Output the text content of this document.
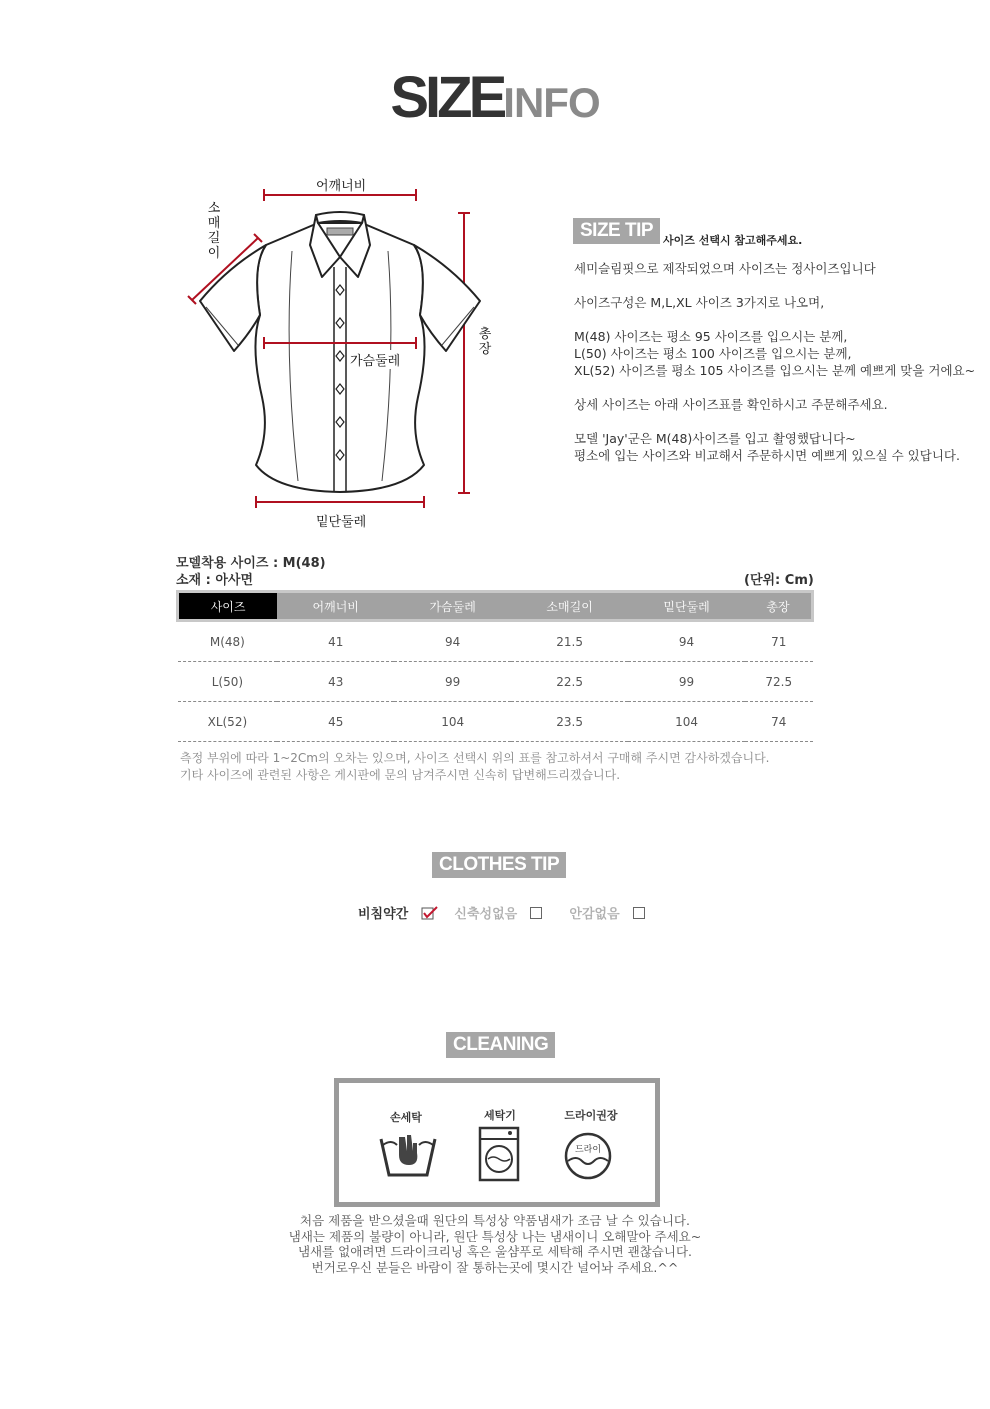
SIZEINFO
어깨너비
소
매
길
이
가슴둘레
총
장
밑단둘레
SIZE TIP 사이즈 선택시 참고해주세요.
세미슬림핏으로 제작되었으며 사이즈는 정사이즈입니다
사이즈구성은 M,L,XL 사이즈 3가지로 나오며,
M(48) 사이즈는 평소 95 사이즈를 입으시는 분께,
L(50) 사이즈는 평소 100 사이즈를 입으시는 분께,
XL(52) 사이즈를 평소 105 사이즈를 입으시는 분께 예쁘게 맞을 거에요~
상세 사이즈는 아래 사이즈표를 확인하시고 주문해주세요.
모델 'Jay'군은 M(48)사이즈를 입고 촬영했답니다~
평소에 입는 사이즈와 비교해서 주문하시면 예쁘게 있으실 수 있답니다.
모델착용 사이즈 : M(48)
소재 : 아사면	(단위: Cm)
사이즈	어깨너비	가슴둘레	소매길이	밑단둘레	총장
M(48)	41	94	21.5	94	71
L(50)	43	99	22.5	99	72.5
XL(52)	45	104	23.5	104	74
측정 부위에 따라 1~2Cm의 오차는 있으며, 사이즈 선택시 위의 표를 참고하셔서 구매해 주시면 감사하겠습니다.
기타 사이즈에 관련된 사항은 게시판에 문의 남겨주시면 신속히 답변해드리겠습니다.
CLOTHES TIP
비침약간	신축성없음	안감없음
CLEANING
손세탁	세탁기	드라이권장
드라이
처음 제품을 받으셨을때 원단의 특성상 약품냄새가 조금 날 수 있습니다.
냄새는 제품의 불량이 아니라, 원단 특성상 나는 냄새이니 오해말아 주세요~
냄새를 없애려면 드라이크리닝 혹은 울샴푸로 세탁해 주시면 괜찮습니다.
번거로우신 분들은 바람이 잘 통하는곳에 몇시간 널어놔 주세요.^^
